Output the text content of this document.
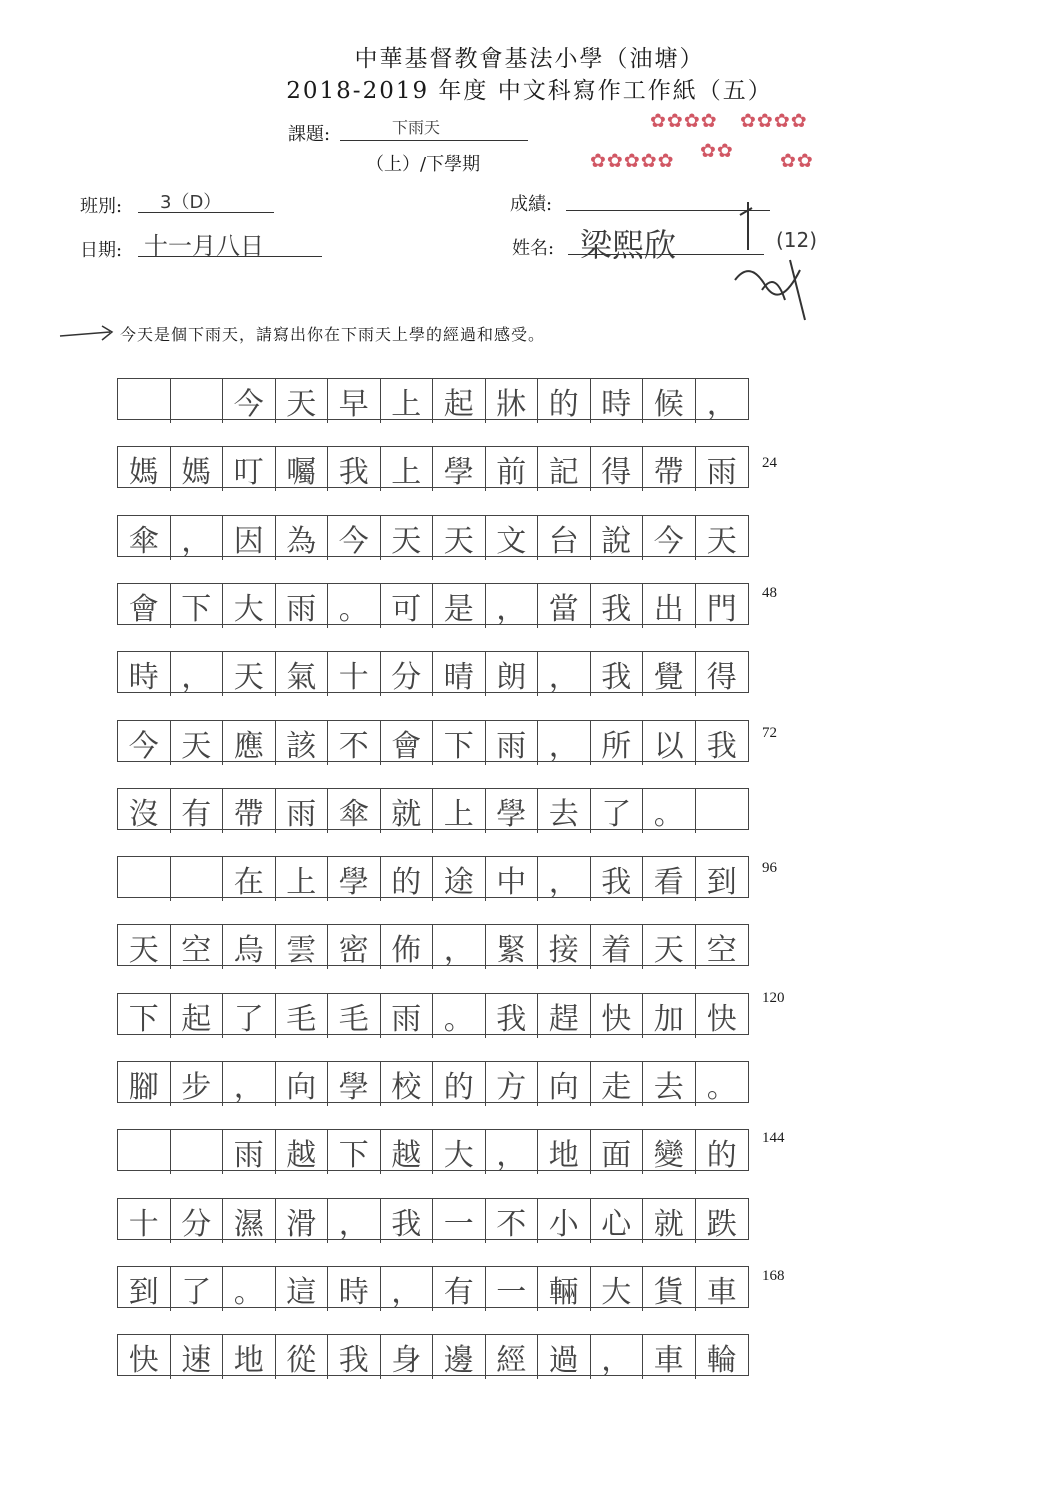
中華基督教會基法小學（油塘）
2018-2019 年度 中文科寫作工作紙（五）
課題:	下雨天
（上）/下學期
班別: 3（D）
日期: 十一月八日
成績:
姓名: 梁熙欣	(12)
✿✿✿✿ ✿✿✿✿
✿✿✿✿✿ ✿✿ ✿✿
今天是個下雨天，請寫出你在下雨天上學的經過和感受。
今 天 早 上 起 牀 的 時 候 ，
媽 媽 叮 囑 我 上 學 前 記 得 帶 雨
傘 ， 因 為 今 天 天 文 台 說 今 天
會 下 大 雨 。 可 是 ， 當 我 出 門
時 ， 天 氣 十 分 晴 朗 ， 我 覺 得
今 天 應 該 不 會 下 雨 ， 所 以 我
沒 有 帶 雨 傘 就 上 學 去 了 。
在 上 學 的 途 中 ， 我 看 到
天 空 烏 雲 密 佈 ， 緊 接 着 天 空
下 起 了 毛 毛 雨 。 我 趕 快 加 快
腳 步 ， 向 學 校 的 方 向 走 去 。
雨 越 下 越 大 ， 地 面 變 的
十 分 濕 滑 ， 我 一 不 小 心 就 跌
到 了 。 這 時 ， 有 一 輛 大 貨 車
快 速 地 從 我 身 邊 經 過 ， 車 輪
24
48
72
96
120
144
168
